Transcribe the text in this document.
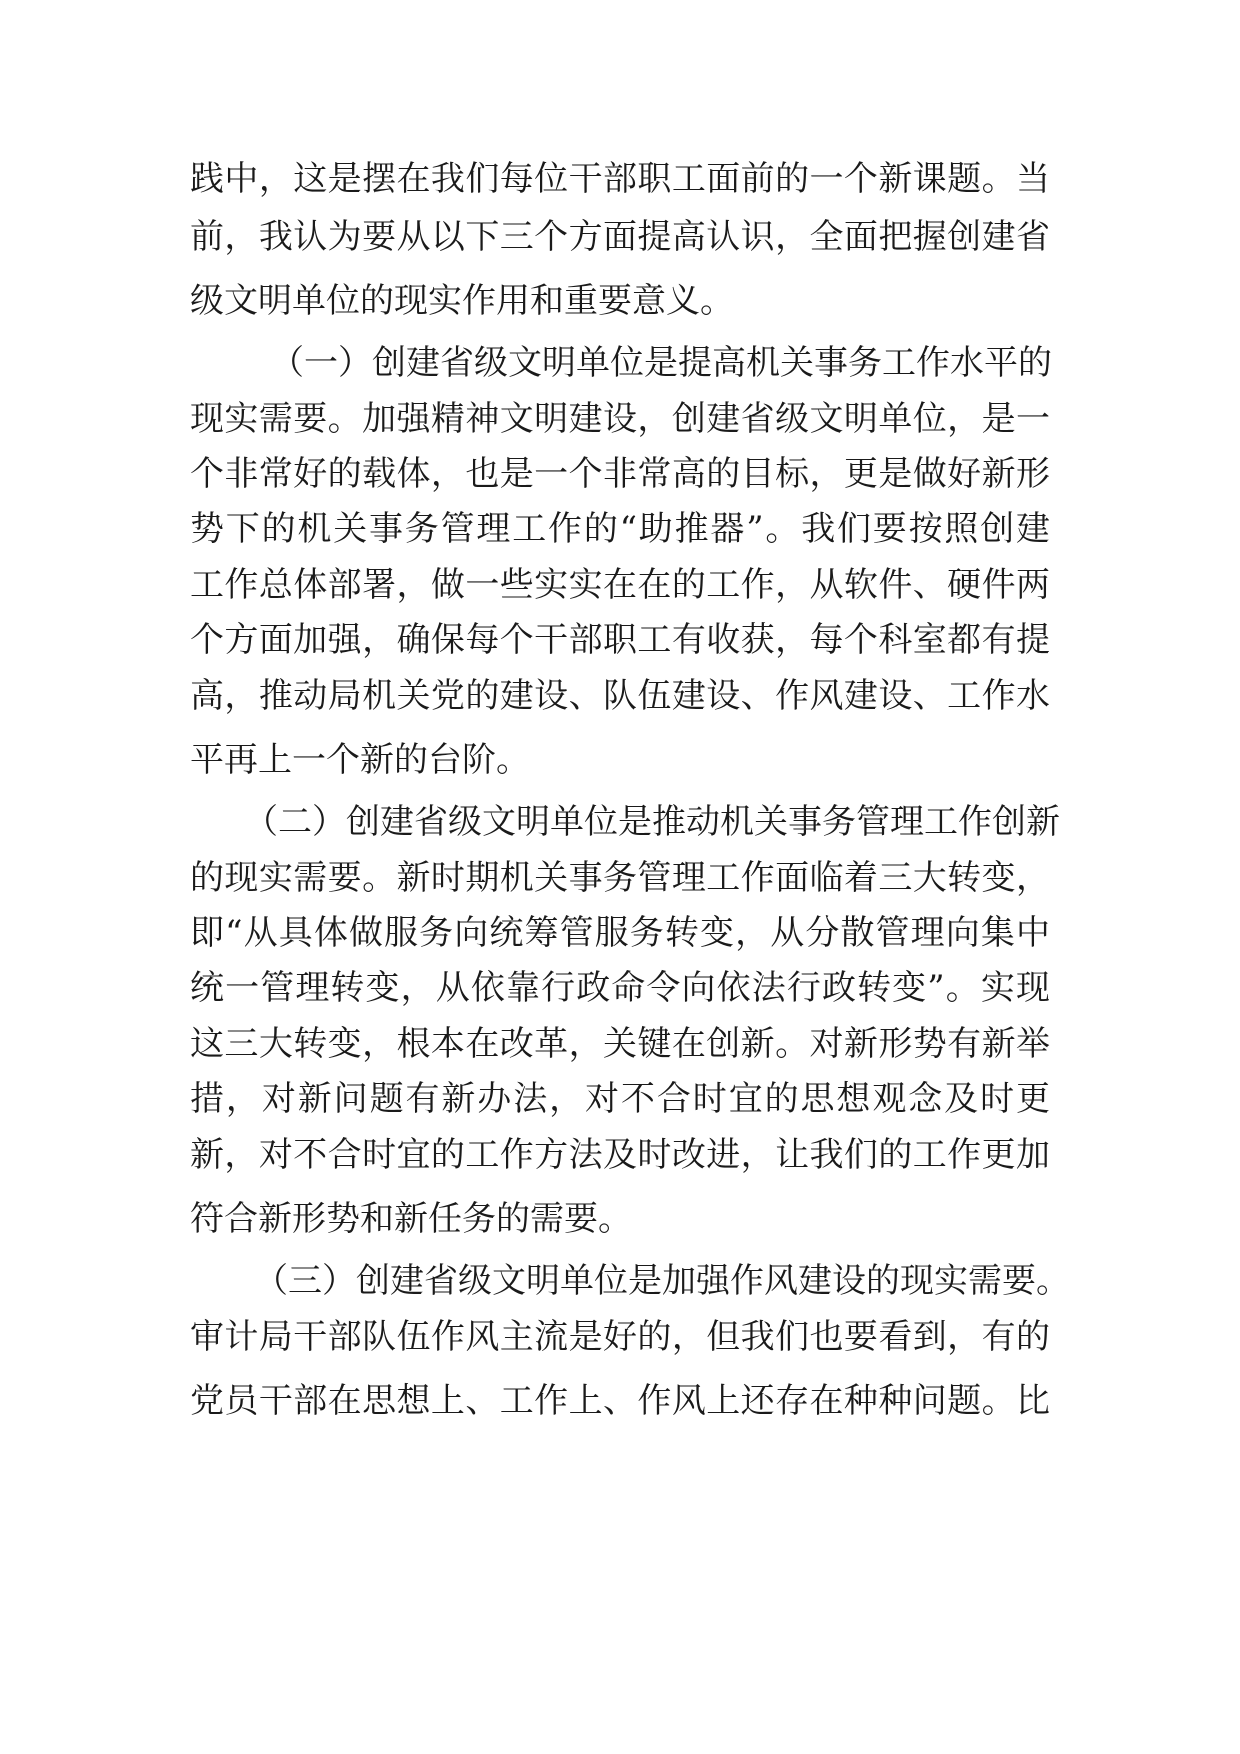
践中，这是摆在我们每位干部职工面前的一个新课题。当
前，我认为要从以下三个方面提高认识，全面把握创建省
级文明单位的现实作用和重要意义。
（一）创建省级文明单位是提高机关事务工作水平的
现实需要。加强精神文明建设，创建省级文明单位，是一
个非常好的载体，也是一个非常高的目标，更是做好新形
势下的机关事务管理工作的“助推器”。我们要按照创建
工作总体部署，做一些实实在在的工作，从软件、硬件两
个方面加强，确保每个干部职工有收获，每个科室都有提
高，推动局机关党的建设、队伍建设、作风建设、工作水
平再上一个新的台阶。
（二）创建省级文明单位是推动机关事务管理工作创新
的现实需要。新时期机关事务管理工作面临着三大转变，
即“从具体做服务向统筹管服务转变，从分散管理向集中
统一管理转变，从依靠行政命令向依法行政转变”。实现
这三大转变，根本在改革，关键在创新。对新形势有新举
措，对新问题有新办法，对不合时宜的思想观念及时更
新，对不合时宜的工作方法及时改进，让我们的工作更加
符合新形势和新任务的需要。
（三）创建省级文明单位是加强作风建设的现实需要。
审计局干部队伍作风主流是好的，但我们也要看到，有的
党员干部在思想上、工作上、作风上还存在种种问题。比
